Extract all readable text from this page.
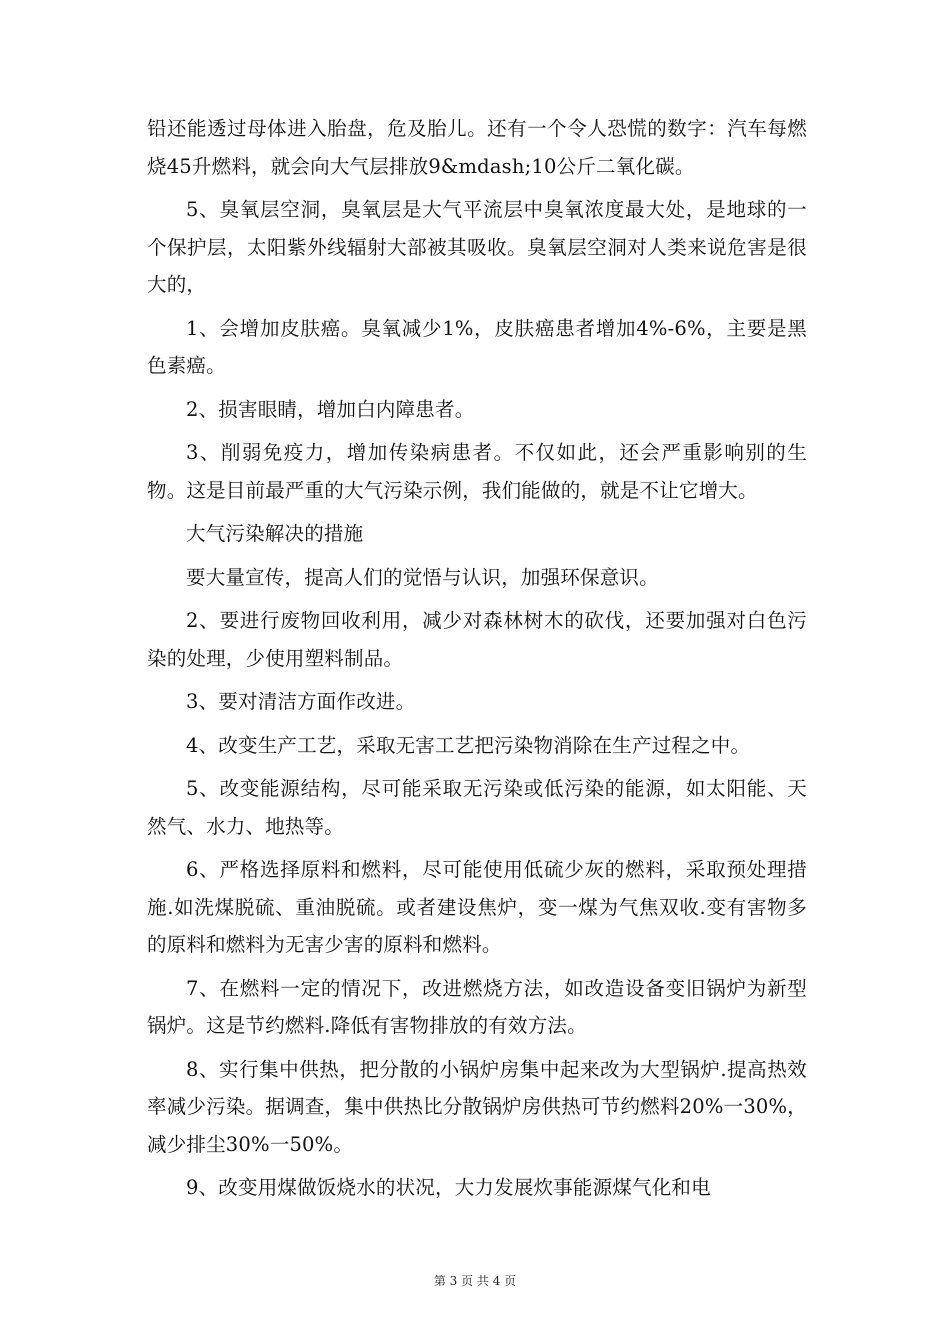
铅还能透过母体进入胎盘，危及胎儿。还有一个令人恐慌的数字：汽车每燃烧45升燃料，就会向大气层排放9&mdash;10公斤二氧化碳。

5、臭氧层空洞，臭氧层是大气平流层中臭氧浓度最大处，是地球的一个保护层，太阳紫外线辐射大部被其吸收。臭氧层空洞对人类来说危害是很大的，

1、会增加皮肤癌。臭氧减少1%，皮肤癌患者增加4%-6%，主要是黑色素癌。

2、损害眼睛，增加白内障患者。

3、削弱免疫力，增加传染病患者。不仅如此，还会严重影响别的生物。这是目前最严重的大气污染示例，我们能做的，就是不让它增大。

大气污染解决的措施

要大量宣传，提高人们的觉悟与认识，加强环保意识。

2、要进行废物回收利用，减少对森林树木的砍伐，还要加强对白色污染的处理，少使用塑料制品。

3、要对清洁方面作改进。

4、改变生产工艺，采取无害工艺把污染物消除在生产过程之中。

5、改变能源结构，尽可能采取无污染或低污染的能源，如太阳能、天然气、水力、地热等。

6、严格选择原料和燃料，尽可能使用低硫少灰的燃料，采取预处理措施.如洗煤脱硫、重油脱硫。或者建设焦炉，变一煤为气焦双收.变有害物多的原料和燃料为无害少害的原料和燃料。

7、在燃料一定的情况下，改进燃烧方法，如改造设备变旧锅炉为新型锅炉。这是节约燃料.降低有害物排放的有效方法。

8、实行集中供热，把分散的小锅炉房集中起来改为大型锅炉.提高热效率减少污染。据调查，集中供热比分散锅炉房供热可节约燃料20%一30%，减少排尘30%一50%。

9、改变用煤做饭烧水的状况，大力发展炊事能源煤气化和电

第 3 页 共 4 页
